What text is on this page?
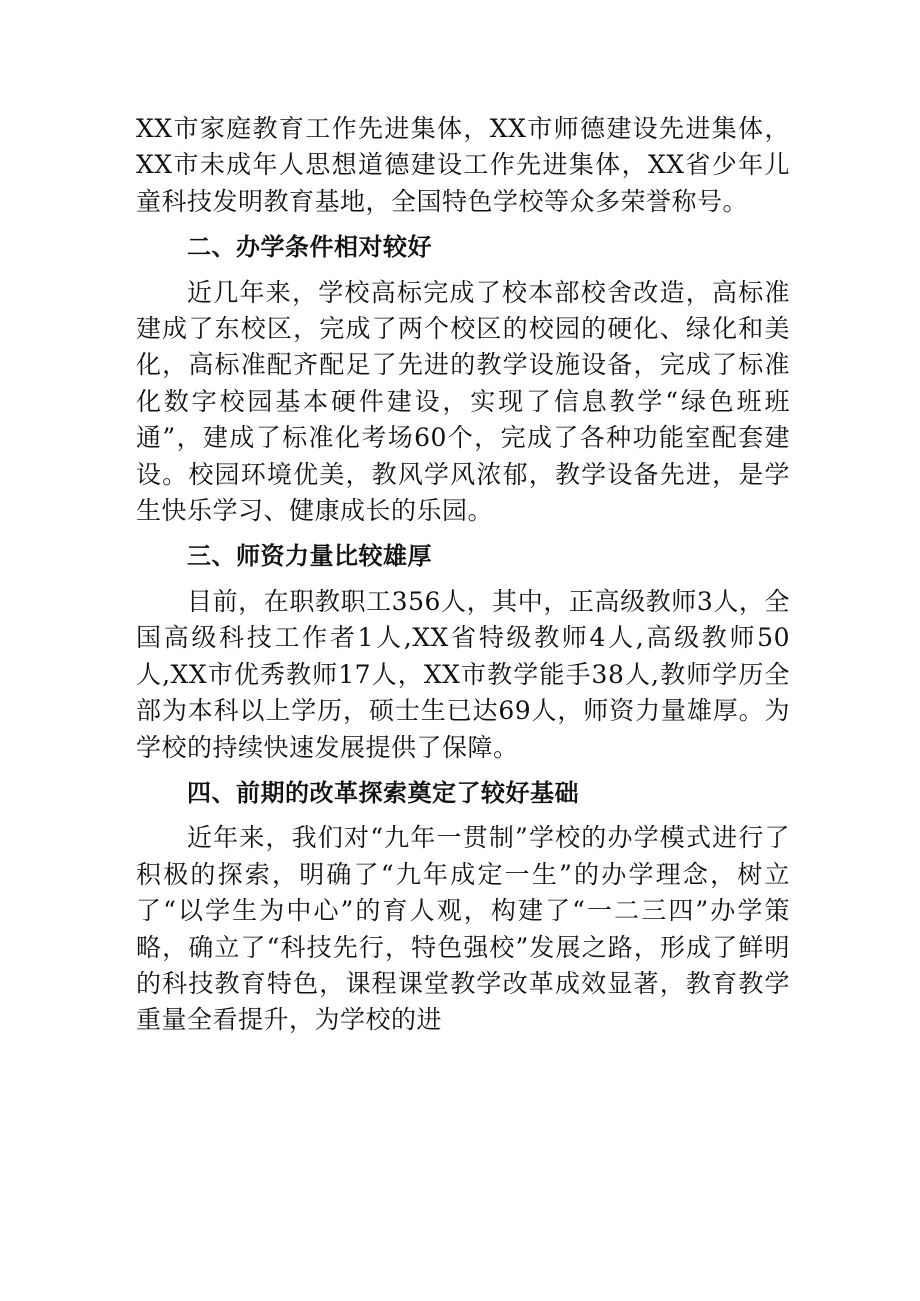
XX市家庭教育工作先进集体，XX市师德建设先进集体，XX市未成年人思想道德建设工作先进集体，XX省少年儿童科技发明教育基地，全国特色学校等众多荣誉称号。
二、办学条件相对较好
近几年来，学校高标完成了校本部校舍改造，高标准建成了东校区，完成了两个校区的校园的硬化、绿化和美化，高标准配齐配足了先进的教学设施设备，完成了标准化数字校园基本硬件建设，实现了信息教学“绿色班班通”，建成了标准化考场60个，完成了各种功能室配套建设。校园环境优美，教风学风浓郁，教学设备先进，是学生快乐学习、健康成长的乐园。
三、师资力量比较雄厚
目前，在职教职工356人，其中，正高级教师3人，全国高级科技工作者1人,XX省特级教师4人,高级教师50人,XX市优秀教师17人，XX市教学能手38人,教师学历全部为本科以上学历，硕士生已达69人，师资力量雄厚。为学校的持续快速发展提供了保障。
四、前期的改革探索奠定了较好基础
近年来，我们对“九年一贯制”学校的办学模式进行了积极的探索，明确了“九年成定一生”的办学理念，树立了“以学生为中心”的育人观，构建了“一二三四”办学策略，确立了“科技先行，特色强校”发展之路，形成了鲜明的科技教育特色，课程课堂教学改革成效显著，教育教学重量全看提升，为学校的进
